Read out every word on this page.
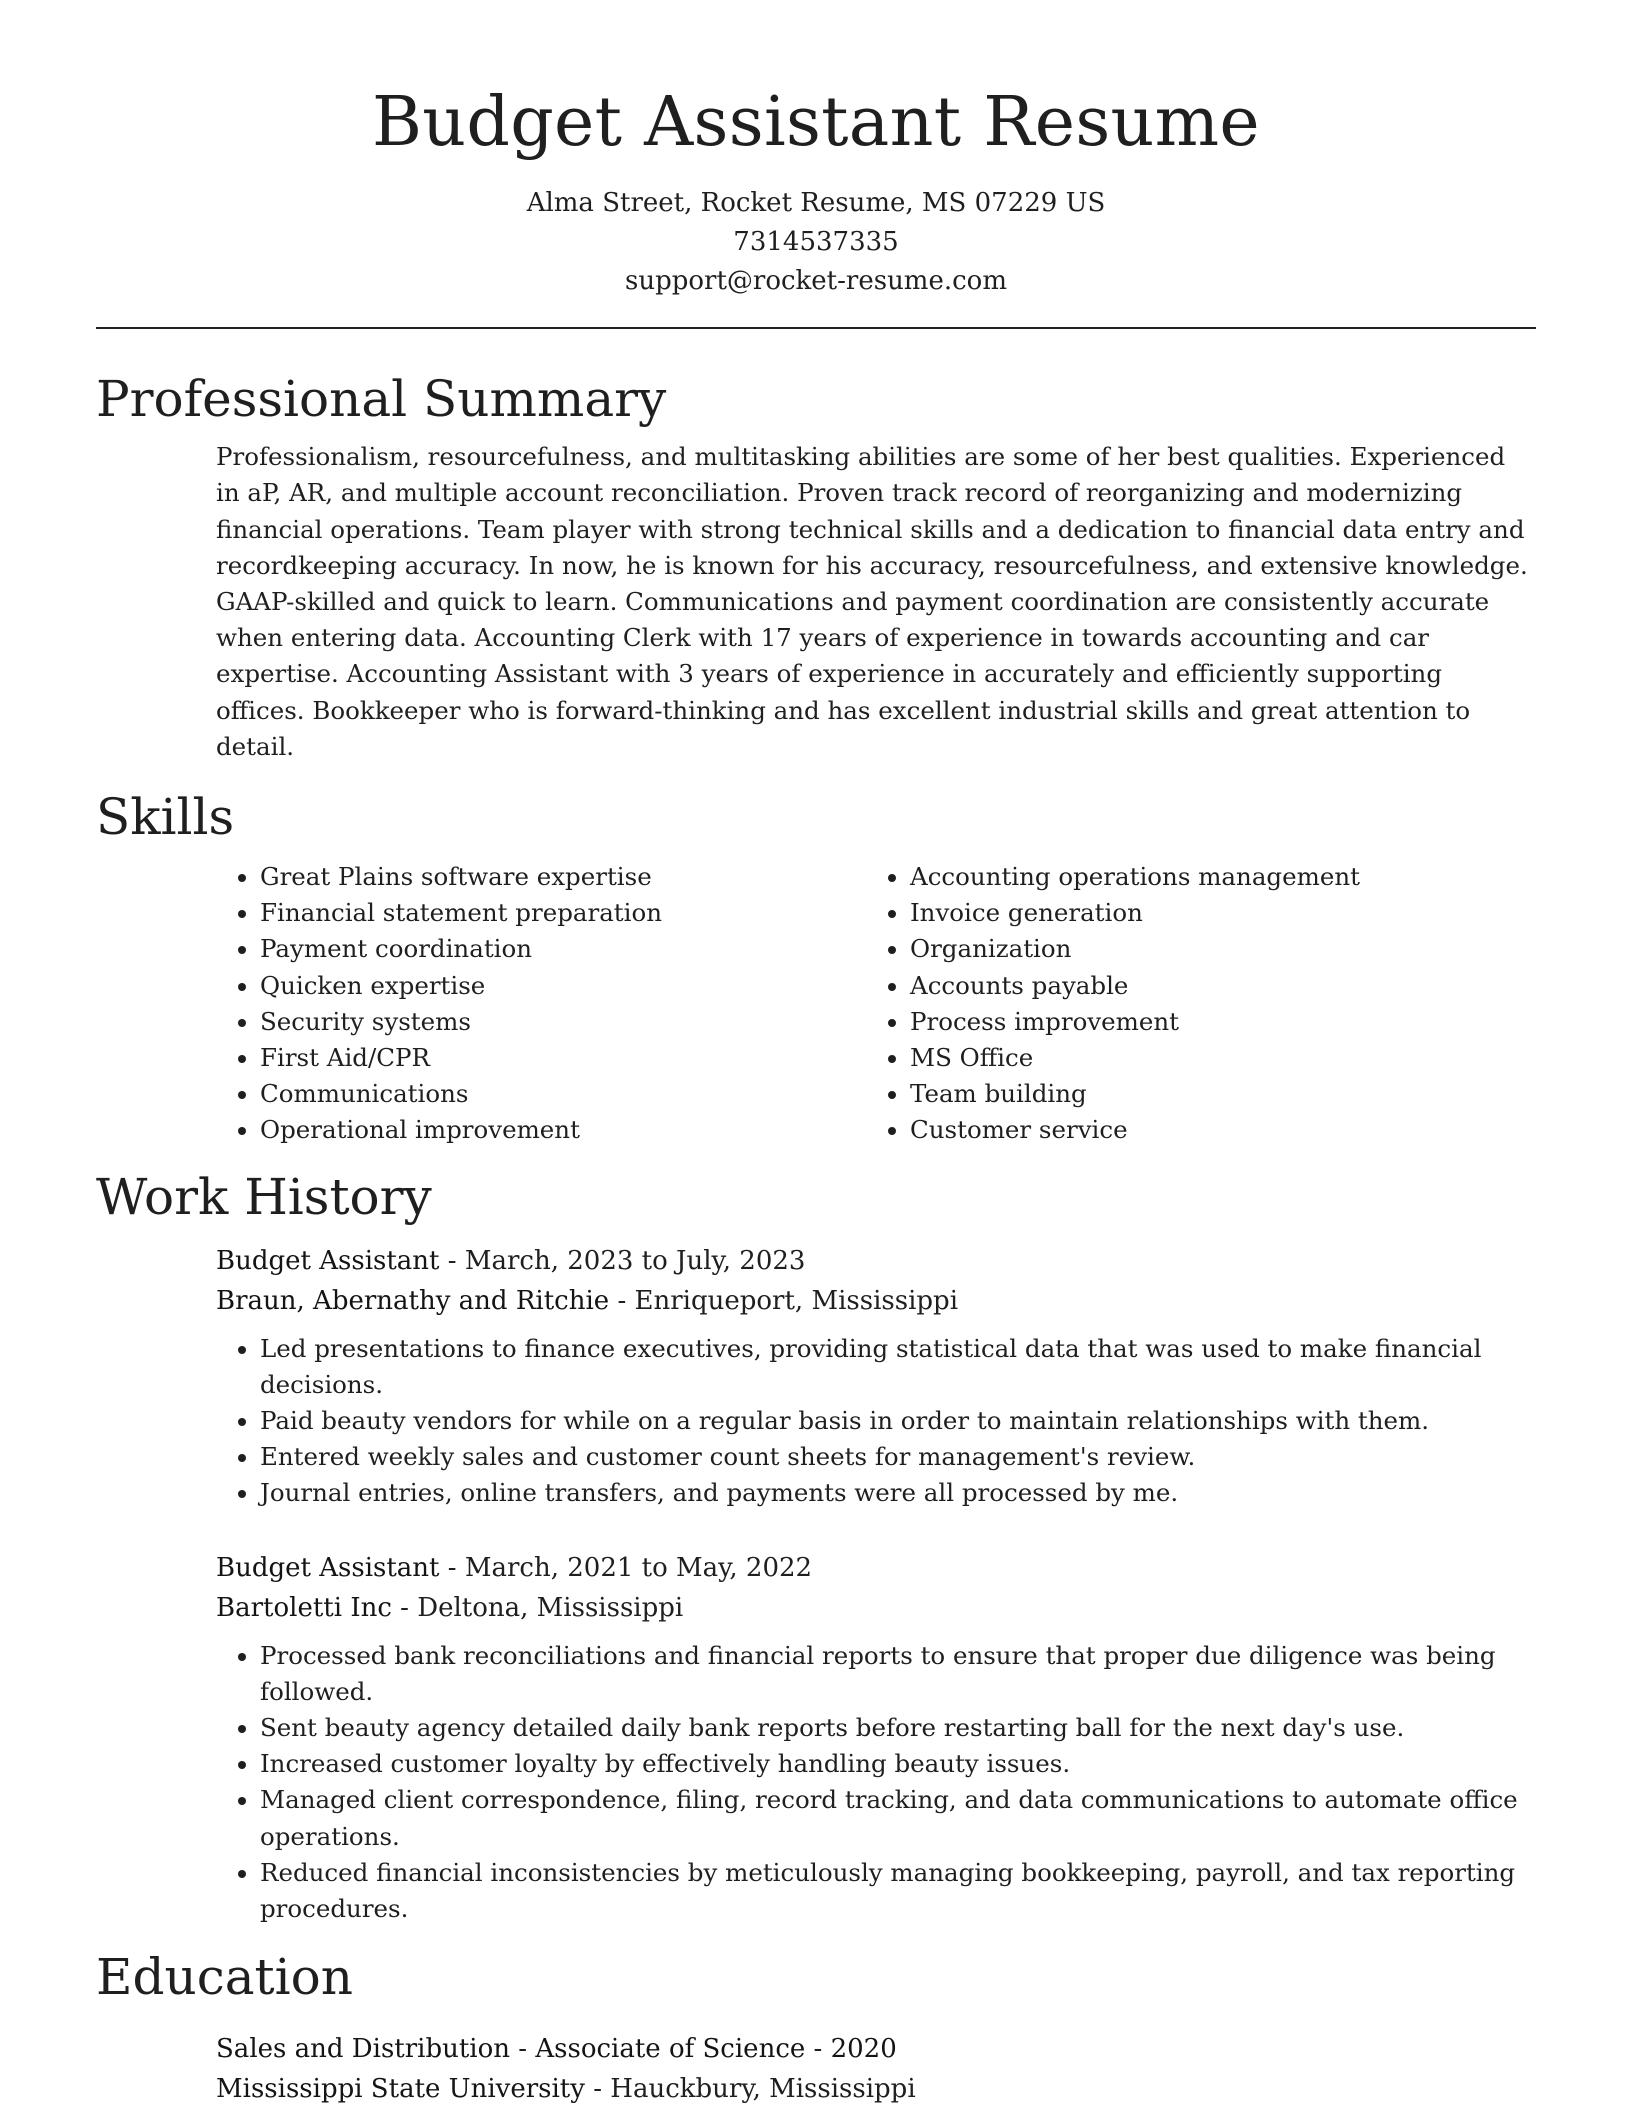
Budget Assistant Resume
Alma Street, Rocket Resume, MS 07229 US
7314537335
support@rocket-resume.com
Professional Summary

Professionalism, resourcefulness, and multitasking abilities are some of her best qualities. Experienced in aP, AR, and multiple account reconciliation. Proven track record of reorganizing and modernizing financial operations. Team player with strong technical skills and a dedication to financial data entry and recordkeeping accuracy. In now, he is known for his accuracy, resourcefulness, and extensive knowledge. GAAP-skilled and quick to learn. Communications and payment coordination are consistently accurate when entering data. Accounting Clerk with 17 years of experience in towards accounting and car expertise. Accounting Assistant with 3 years of experience in accurately and efficiently supporting offices. Bookkeeper who is forward-thinking and has excellent industrial skills and great attention to detail.

Skills
• Great Plains software expertise
• Financial statement preparation
• Payment coordination
• Quicken expertise
• Security systems
• First Aid/CPR
• Communications
• Operational improvement
• Accounting operations management
• Invoice generation
• Organization
• Accounts payable
• Process improvement
• MS Office
• Team building
• Customer service
Work History
Budget Assistant - March, 2023 to July, 2023
Braun, Abernathy and Ritchie - Enriqueport, Mississippi
• Led presentations to finance executives, providing statistical data that was used to make financial decisions.
• Paid beauty vendors for while on a regular basis in order to maintain relationships with them.
• Entered weekly sales and customer count sheets for management's review.
• Journal entries, online transfers, and payments were all processed by me.
Budget Assistant - March, 2021 to May, 2022
Bartoletti Inc - Deltona, Mississippi
• Processed bank reconciliations and financial reports to ensure that proper due diligence was being followed.
• Sent beauty agency detailed daily bank reports before restarting ball for the next day's use.
• Increased customer loyalty by effectively handling beauty issues.
• Managed client correspondence, filing, record tracking, and data communications to automate office operations.
• Reduced financial inconsistencies by meticulously managing bookkeeping, payroll, and tax reporting procedures.
Education
Sales and Distribution - Associate of Science - 2020
Mississippi State University - Hauckbury, Mississippi
